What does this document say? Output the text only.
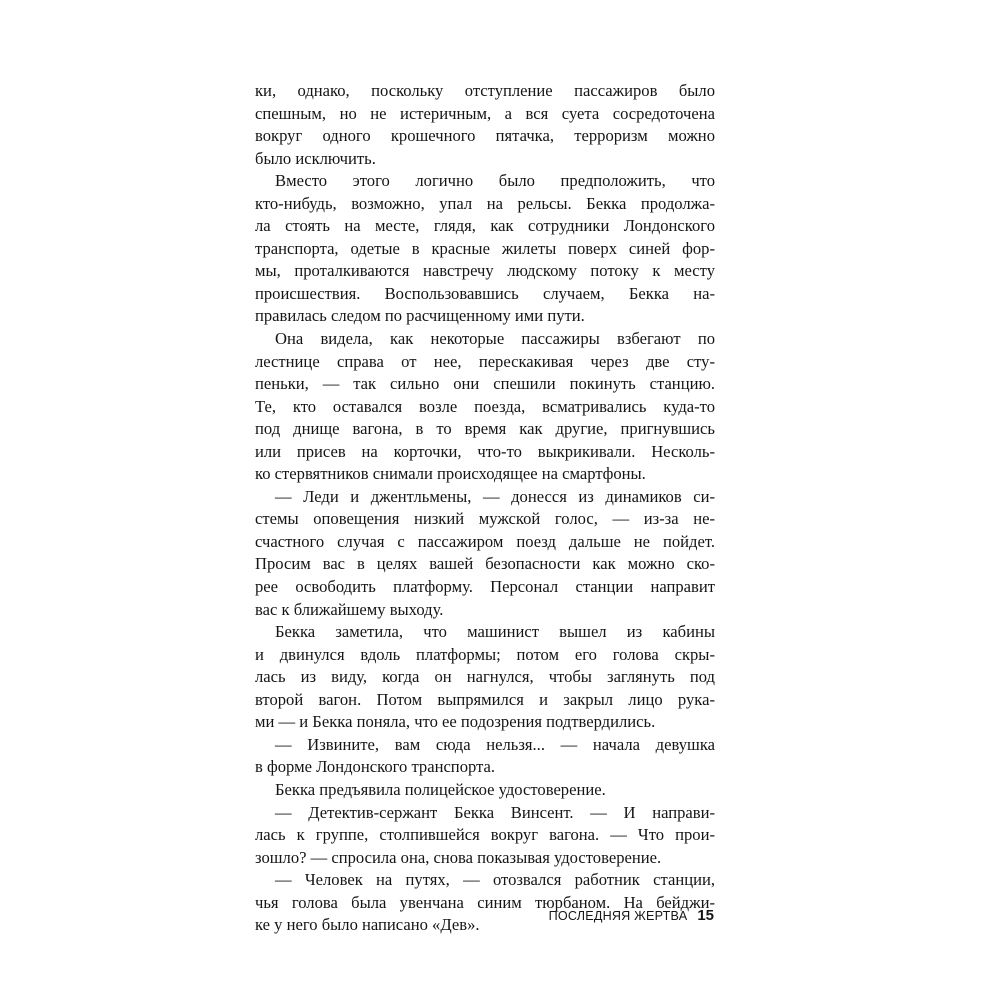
ки, однако, поскольку отступление пассажиров было
спешным, но не истеричным, а вся суета сосредоточена
вокруг одного крошечного пятачка, терроризм можно
было исключить.
Вместо этого логично было предположить, что
кто-нибудь, возможно, упал на рельсы. Бекка продолжа-
ла стоять на месте, глядя, как сотрудники Лондонского
транспорта, одетые в красные жилеты поверх синей фор-
мы, проталкиваются навстречу людскому потоку к месту
происшествия. Воспользовавшись случаем, Бекка на-
правилась следом по расчищенному ими пути.
Она видела, как некоторые пассажиры взбегают по
лестнице справа от нее, перескакивая через две сту-
пеньки, — так сильно они спешили покинуть станцию.
Те, кто оставался возле поезда, всматривались куда-то
под днище вагона, в то время как другие, пригнувшись
или присев на корточки, что-то выкрикивали. Несколь-
ко стервятников снимали происходящее на смартфоны.
— Леди и джентльмены, — донесся из динамиков си-
стемы оповещения низкий мужской голос, — из-за не-
счастного случая с пассажиром поезд дальше не пойдет.
Просим вас в целях вашей безопасности как можно ско-
рее освободить платформу. Персонал станции направит
вас к ближайшему выходу.
Бекка заметила, что машинист вышел из кабины
и двинулся вдоль платформы; потом его голова скры-
лась из виду, когда он нагнулся, чтобы заглянуть под
второй вагон. Потом выпрямился и закрыл лицо рука-
ми — и Бекка поняла, что ее подозрения подтвердились.
— Извините, вам сюда нельзя... — начала девушка
в форме Лондонского транспорта.
Бекка предъявила полицейское удостоверение.
— Детектив-сержант Бекка Винсент. — И направи-
лась к группе, столпившейся вокруг вагона. — Что прои-
зошло? — спросила она, снова показывая удостоверение.
— Человек на путях, — отозвался работник станции,
чья голова была увенчана синим тюрбаном. На бейджи-
ке у него было написано «Дев».	ПОСЛЕДНЯЯ ЖЕРТВА 15
